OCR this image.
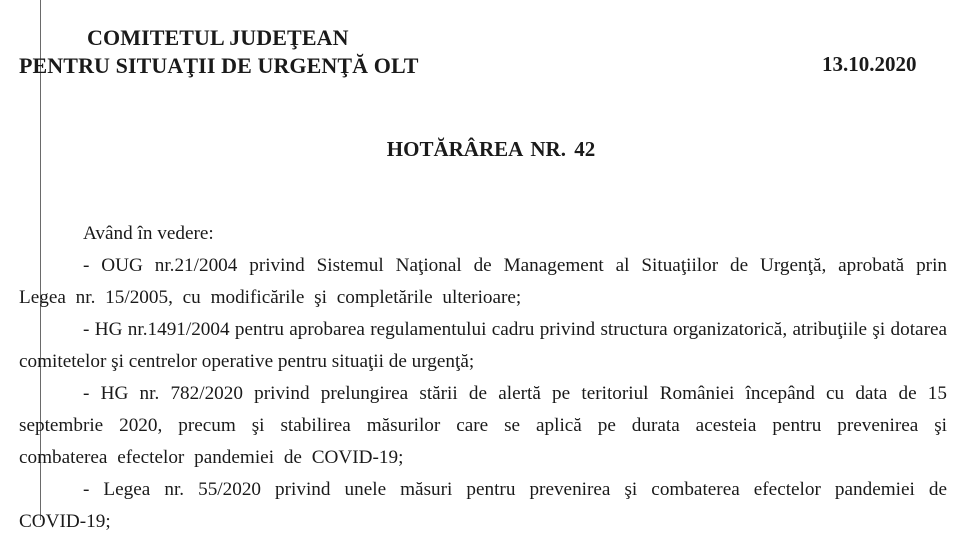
COMITETUL JUDEŢEAN
PENTRU SITUAŢII DE URGENŢĂ OLT	13.10.2020
HOTĂRÂREA NR. 42
Având în vedere:
- OUG nr.21/2004 privind Sistemul Naţional de Management al Situaţiilor de Urgenţă, aprobată prin Legea nr. 15/2005, cu modificările şi completările ulterioare;
- HG nr.1491/2004 pentru aprobarea regulamentului cadru privind structura organizatorică, atribuţiile şi dotarea comitetelor şi centrelor operative pentru situaţii de urgenţă;
- HG nr. 782/2020 privind prelungirea stării de alertă pe teritoriul României începând cu data de 15 septembrie 2020, precum şi stabilirea măsurilor care se aplică pe durata acesteia pentru prevenirea şi combaterea efectelor pandemiei de COVID-19;
- Legea nr. 55/2020 privind unele măsuri pentru prevenirea şi combaterea efectelor pandemiei de COVID-19;
